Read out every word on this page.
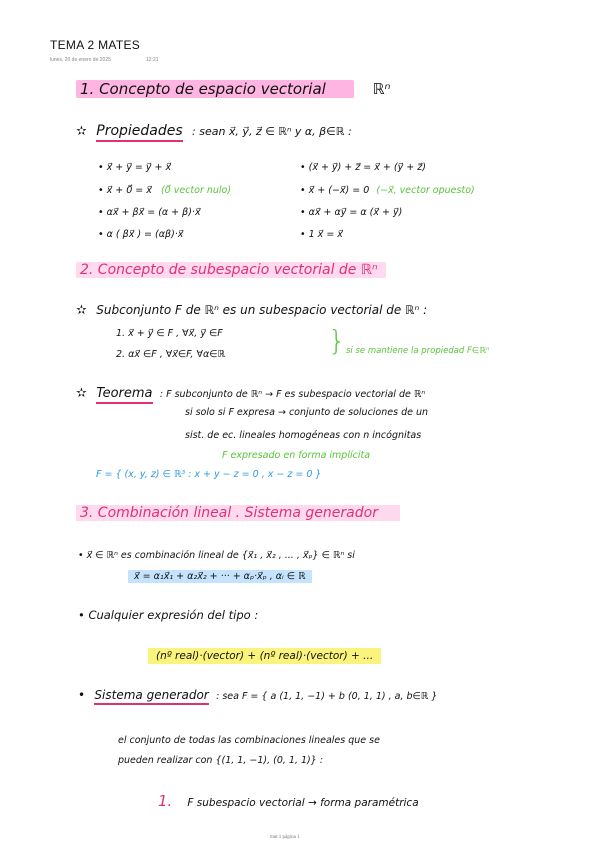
TEMA 2 MATES
lunes, 20 de enero de 2025	12:21
1. Concepto de espacio vectorial	ℝⁿ
✫ Propiedades : sean x⃗, y⃗, z⃗ ∈ ℝⁿ y α, β∈ℝ :
• x⃗ + y⃗ = y⃗ + x⃗
• x⃗ + 0⃗ = x⃗ (0⃗ vector nulo)
• αx⃗ + βx⃗ = (α + β)·x⃗
• α ( βx⃗ ) = (αβ)·x⃗
• (x⃗ + y⃗) + z⃗ = x⃗ + (y⃗ + z⃗)
• x⃗ + (−x⃗) = 0 (−x⃗, vector opuesto)
• αx⃗ + αy⃗ = α (x⃗ + y⃗)
• 1 x⃗ = x⃗
2. Concepto de subespacio vectorial de ℝⁿ
✫ Subconjunto F de ℝⁿ es un subespacio vectorial de ℝⁿ :
1. x⃗ + y⃗ ∈ F , ∀x⃗, y⃗ ∈F
2. αx⃗ ∈F , ∀x⃗∈F, ∀α∈ℝ	} si se mantiene la propiedad F∈ℝⁿ
✫ Teorema : F subconjunto de ℝⁿ → F es subespacio vectorial de ℝⁿ
si solo si F expresa → conjunto de soluciones de un
sist. de ec. lineales homogéneas con n incógnitas
F expresado en forma implícita
F = { (x, y, z) ∈ ℝ³ : x + y − z = 0 , x − z = 0 }
3. Combinación lineal . Sistema generador
• x⃗ ∈ ℝⁿ es combinación lineal de {x⃗₁ , x⃗₂ , ... , x⃗ₚ} ∈ ℝⁿ si
x⃗ = α₁x⃗₁ + α₂x⃗₂ + ··· + αₚ·x⃗ₚ , αᵢ ∈ ℝ
• Cualquier expresión del tipo :
(nº real)·(vector) + (nº real)·(vector) + ...
• Sistema generador : sea F = { a (1, 1, −1) + b (0, 1, 1) , a, b∈ℝ }
el conjunto de todas las combinaciones lineales que se
pueden realizar con {(1, 1, −1), (0, 1, 1)} :
1. F subespacio vectorial → forma paramétrica
mat 1 página 1
